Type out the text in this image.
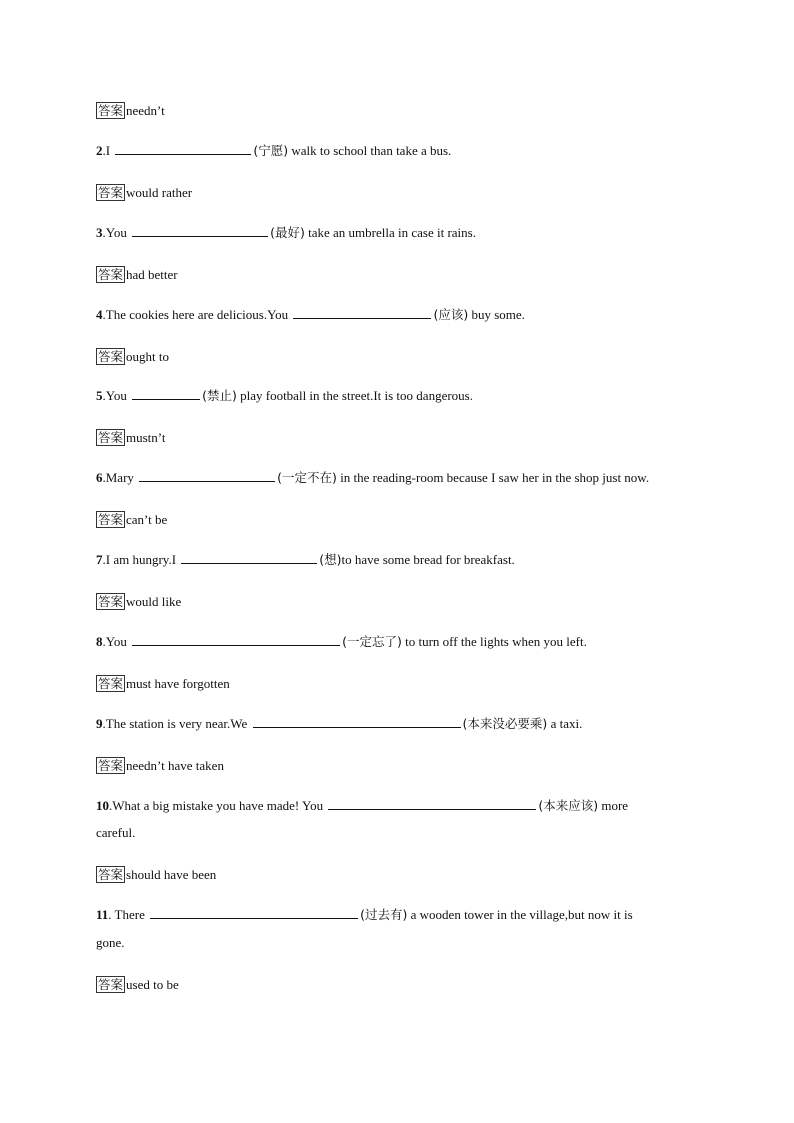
答案 needn’t
2.I	(宁愿) walk to school than take a bus.
答案 would rather
3.You	(最好) take an umbrella in case it rains.
答案 had better
4.The cookies here are delicious.You	(应该) buy some.
答案 ought to
5.You	(禁止) play football in the street.It is too dangerous.
答案 mustn’t
6.Mary	(一定不在) in the reading-room because I saw her in the shop just now.
答案 can’t be
7.I am hungry.I	(想)to have some bread for breakfast.
答案 would like
8.You	(一定忘了) to turn off the lights when you left.
答案 must have forgotten
9.The station is very near.We	(本来没必要乘) a taxi.
答案 needn’t have taken
10.What a big mistake you have made! You	(本来应该) more
careful.
答案 should have been
11. There	(过去有) a wooden tower in the village,but now it is
gone.
答案 used to be
